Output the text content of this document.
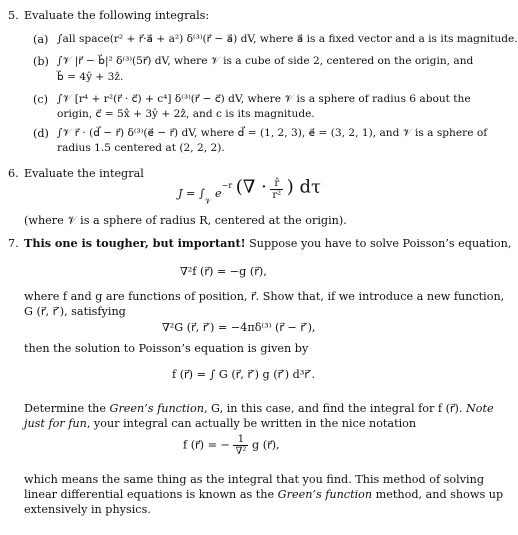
5. Evaluate the following integrals:
(a) ∫all space(r² + r⃗·a⃗ + a²) δ⁽³⁾(r⃗ − a⃗) dV, where a⃗ is a fixed vector and a is its magnitude.
(b) ∫𝒱 |r⃗ − b⃗|² δ⁽³⁾(5r⃗) dV, where 𝒱 is a cube of side 2, centered on the origin, and
b⃗ = 4ŷ + 3ẑ.
(c) ∫𝒱 [r⁴ + r²(r⃗ · c⃗) + c⁴] δ⁽³⁾(r⃗ − c⃗) dV, where 𝒱 is a sphere of radius 6 about the
origin, c⃗ = 5x̂ + 3ŷ + 2ẑ, and c is its magnitude.
(d) ∫𝒱 r⃗ · (d⃗ − r⃗) δ⁽³⁾(e⃗ − r⃗) dV, where d⃗ = (1, 2, 3), e⃗ = (3, 2, 1), and 𝒱 is a sphere of
radius 1.5 centered at (2, 2, 2).
6. Evaluate the integral
$J = \int_𝒱$ $e^{-r}$ (∇ · $\frac{r̂}{\text{r²}}$ ) dτ
(where 𝒱 is a sphere of radius R, centered at the origin).
7. This one is tougher, but important! Suppose you have to solve Poisson’s equation,
∇²f (r⃗) = −g (r⃗),
where f and g are functions of position, r⃗. Show that, if we introduce a new function,
G (r⃗, r⃗′), satisfying
∇²G (r⃗, r⃗′) = −4πδ⁽³⁾ (r⃗ − r⃗′),
then the solution to Poisson’s equation is given by
f (r⃗) = ∫ G (r⃗, r⃗′) g (r⃗′) d³r⃗′.
Determine the Green’s function, G, in this case, and find the integral for f (r⃗). Note
just for fun, your integral can actually be written in the nice notation
f (r⃗) = − $\frac{1}{\text{∇²}}$ g (r⃗),
which means the same thing as the integral that you find. This method of solving
linear differential equations is known as the Green’s function method, and shows up
extensively in physics.
